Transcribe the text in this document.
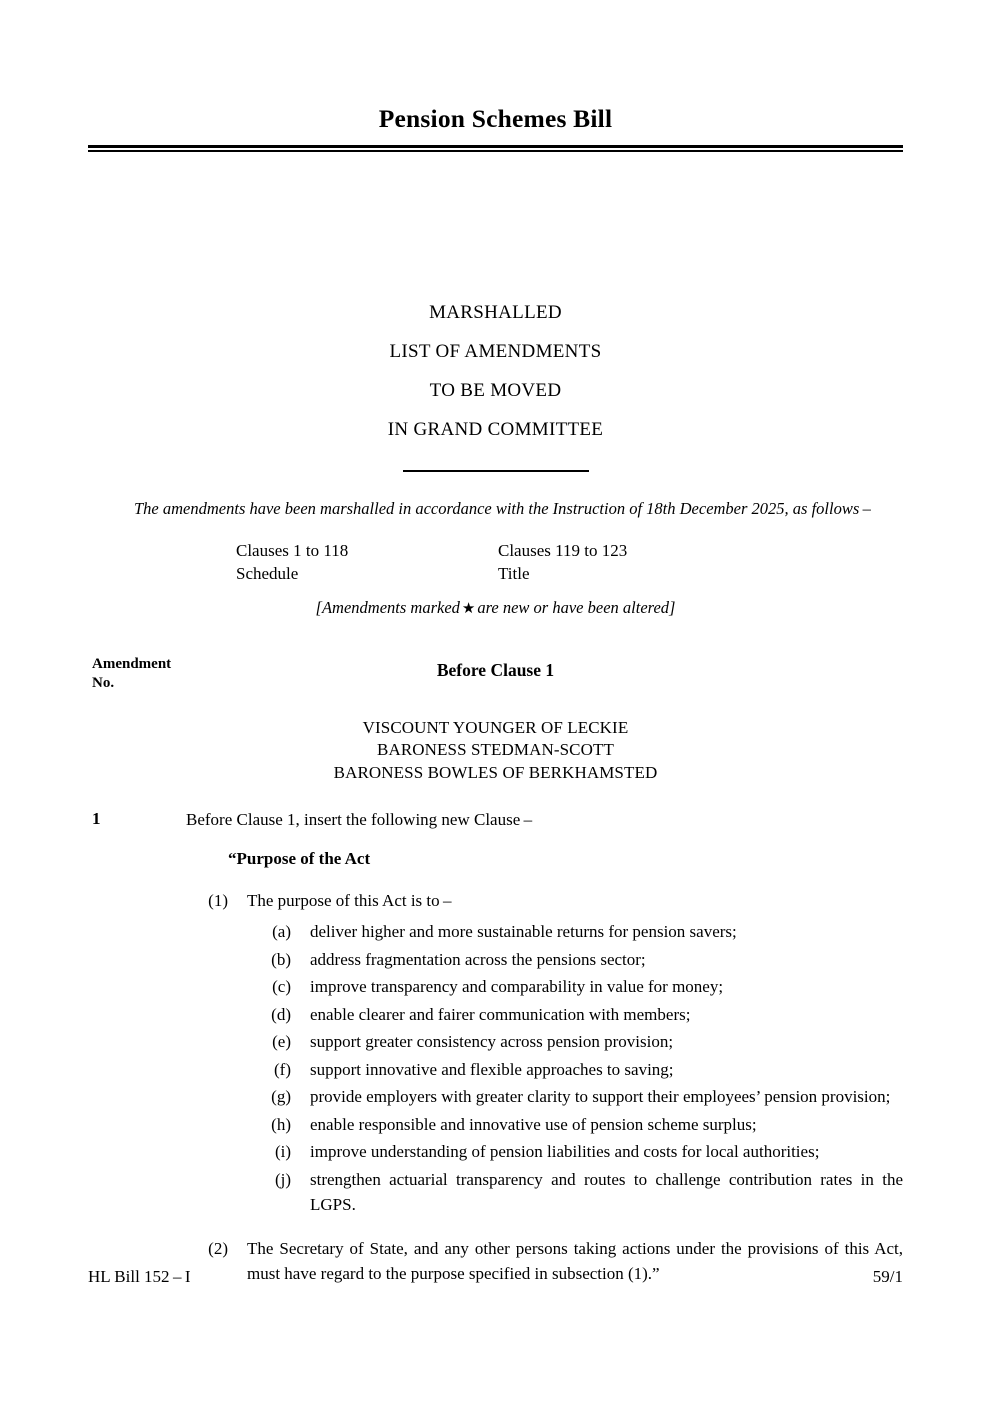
Pension Schemes Bill
MARSHALLED
LIST OF AMENDMENTS
TO BE MOVED
IN GRAND COMMITTEE
The amendments have been marshalled in accordance with the Instruction of 18th December 2025, as follows –
Clauses 1 to 118	Clauses 119 to 123
Schedule	Title
[Amendments marked ★ are new or have been altered]
Amendment
No.
Before Clause 1
VISCOUNT YOUNGER OF LECKIE
BARONESS STEDMAN-SCOTT
BARONESS BOWLES OF BERKHAMSTED
1	Before Clause 1, insert the following new Clause –
“Purpose of the Act
(1) The purpose of this Act is to –
(a) deliver higher and more sustainable returns for pension savers;
(b) address fragmentation across the pensions sector;
(c) improve transparency and comparability in value for money;
(d) enable clearer and fairer communication with members;
(e) support greater consistency across pension provision;
(f) support innovative and flexible approaches to saving;
(g) provide employers with greater clarity to support their employees’ pension provision;
(h) enable responsible and innovative use of pension scheme surplus;
(i) improve understanding of pension liabilities and costs for local authorities;
(j) strengthen actuarial transparency and routes to challenge contribution rates in the LGPS.
(2) The Secretary of State, and any other persons taking actions under the provisions of this Act, must have regard to the purpose specified in subsection (1).”
HL Bill 152 – I	59/1
